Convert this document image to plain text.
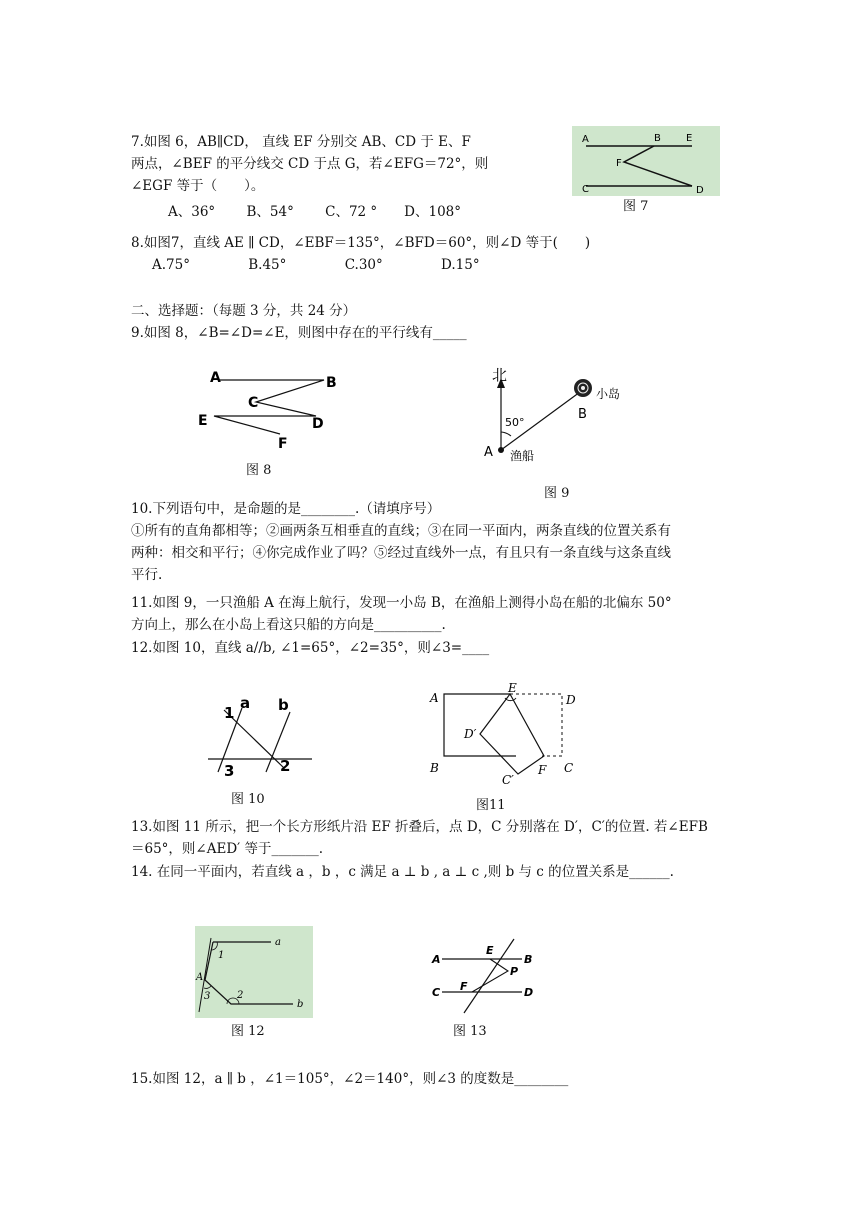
7.如图 6，AB∥CD， 直线 EF 分别交 AB、CD 于 E、F
两点，∠BEF 的平分线交 CD 于点 G，若∠EFG＝72°，则
∠EGF 等于（　　）。
A、36°　　 B、54°　　 C、72 °　　D、108°
A	B	E
F
C	D
图 7
8.如图7，直线 AE ∥ CD，∠EBF＝135°，∠BFD＝60°，则∠D 等于(　　)
A.75°　　　　 B.45°　　　　 C.30°　　　　 D.15°
二、选择题：（每题 3 分，共 24 分）
9.如图 8，∠B=∠D=∠E，则图中存在的平行线有_____
A	B
C
E	D
F
图 8
北
50°
小岛
B
A 渔船
图 9
10.下列语句中，是命题的是________.（请填序号）
①所有的直角都相等；②画两条互相垂直的直线；③在同一平面内，两条直线的位置关系有
两种：相交和平行；④你完成作业了吗？⑤经过直线外一点，有且只有一条直线与这条直线
平行.
11.如图 9，一只渔船 A 在海上航行，发现一小岛 B，在渔船上测得小岛在船的北偏东 50°
方向上，那么在小岛上看这只船的方向是__________.
12.如图 10，直线 a//b, ∠1=65°，∠2=35°，则∠3=____
1
a b
3	2
图 10
A
E
D
D′
B
C′
F C
图11
13.如图 11 所示，把一个长方形纸片沿 EF 折叠后，点 D，C 分别落在 D′，C′的位置. 若∠EFB
＝65°，则∠AED′ 等于_______.
14. 在同一平面内，若直线 a ，b ，c 满足 a ⊥ b , a ⊥ c ,则 b 与 c 的位置关系是______.
a
1
A
3	2
b
图 12
A
E
B
P
C F	D
图 13
15.如图 12，a ∥ b ，∠1＝105°，∠2＝140°，则∠3 的度数是________
